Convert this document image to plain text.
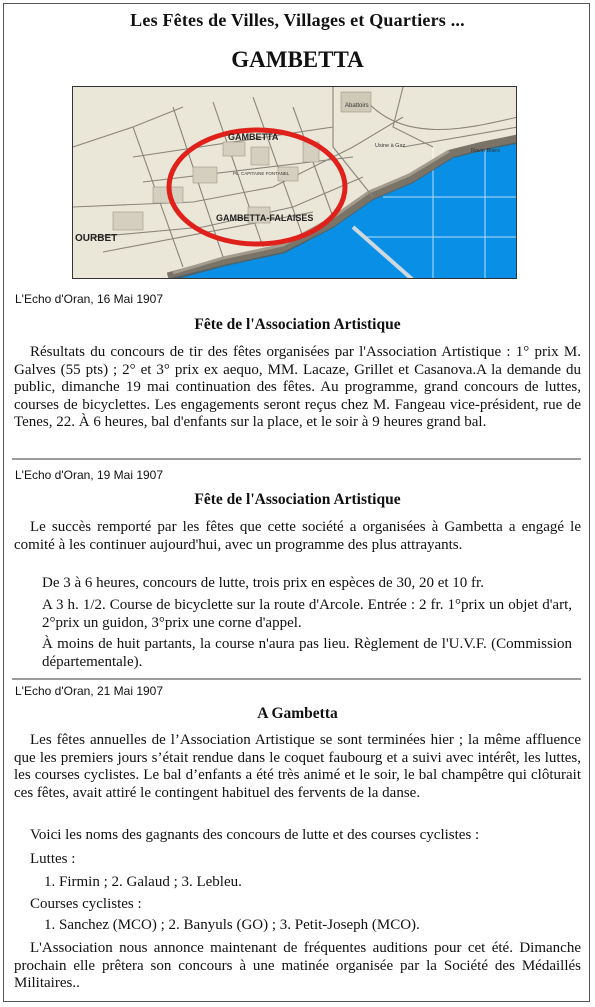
Les Fêtes de Villes, Villages et Quartiers ...
GAMBETTA
GAMBETTA
GAMBETTA-FALAISES
OURBET
Abattoirs
Usine à Gaz
PL. CAPITAINE FONTANEL
Ravin Blanc
L'Echo d'Oran, 16 Mai 1907
Fête de l'Association Artistique

Résultats du concours de tir des fêtes organisées par l'Association Artistique : 1° prix M. Galves (55 pts) ; 2° et 3° prix ex aequo, MM. Lacaze, Grillet et Casanova.A la demande du public, dimanche 19 mai continuation des fêtes. Au programme, grand concours de luttes, courses de bicyclettes. Les engagements seront reçus chez M. Fangeau vice-président, rue de Tenes, 22. À 6 heures, bal d'enfants sur la place, et le soir à 9 heures grand bal.

L'Echo d'Oran, 19 Mai 1907
Fête de l'Association Artistique

Le succès remporté par les fêtes que cette société a organisées à Gambetta a engagé le comité à les continuer aujourd'hui, avec un programme des plus attrayants.

De 3 à 6 heures, concours de lutte, trois prix en espèces de 30, 20 et 10 fr.

A 3 h. 1/2. Course de bicyclette sur la route d'Arcole. Entrée : 2 fr. 1°prix un objet d'art, 2°prix un guidon, 3°prix une corne d'appel.

À moins de huit partants, la course n'aura pas lieu. Règlement de l'U.V.F. (Commission départementale).

L'Echo d'Oran, 21 Mai 1907
A Gambetta

Les fêtes annuelles de l’Association Artistique se sont terminées hier ; la même affluence que les premiers jours s’était rendue dans le coquet faubourg et a suivi avec intérêt, les luttes, les courses cyclistes. Le bal d’enfants a été très animé et le soir, le bal champêtre qui clôturait ces fêtes, avait attiré le contingent habituel des fervents de la danse.

Voici les noms des gagnants des concours de lutte et des courses cyclistes :

Luttes :

1. Firmin ; 2. Galaud ; 3. Lebleu.

Courses cyclistes :

1. Sanchez (MCO) ; 2. Banyuls (GO) ; 3. Petit-Joseph (MCO).

L'Association nous annonce maintenant de fréquentes auditions pour cet été. Dimanche prochain elle prêtera son concours à une matinée organisée par la Société des Médaillés Militaires..
